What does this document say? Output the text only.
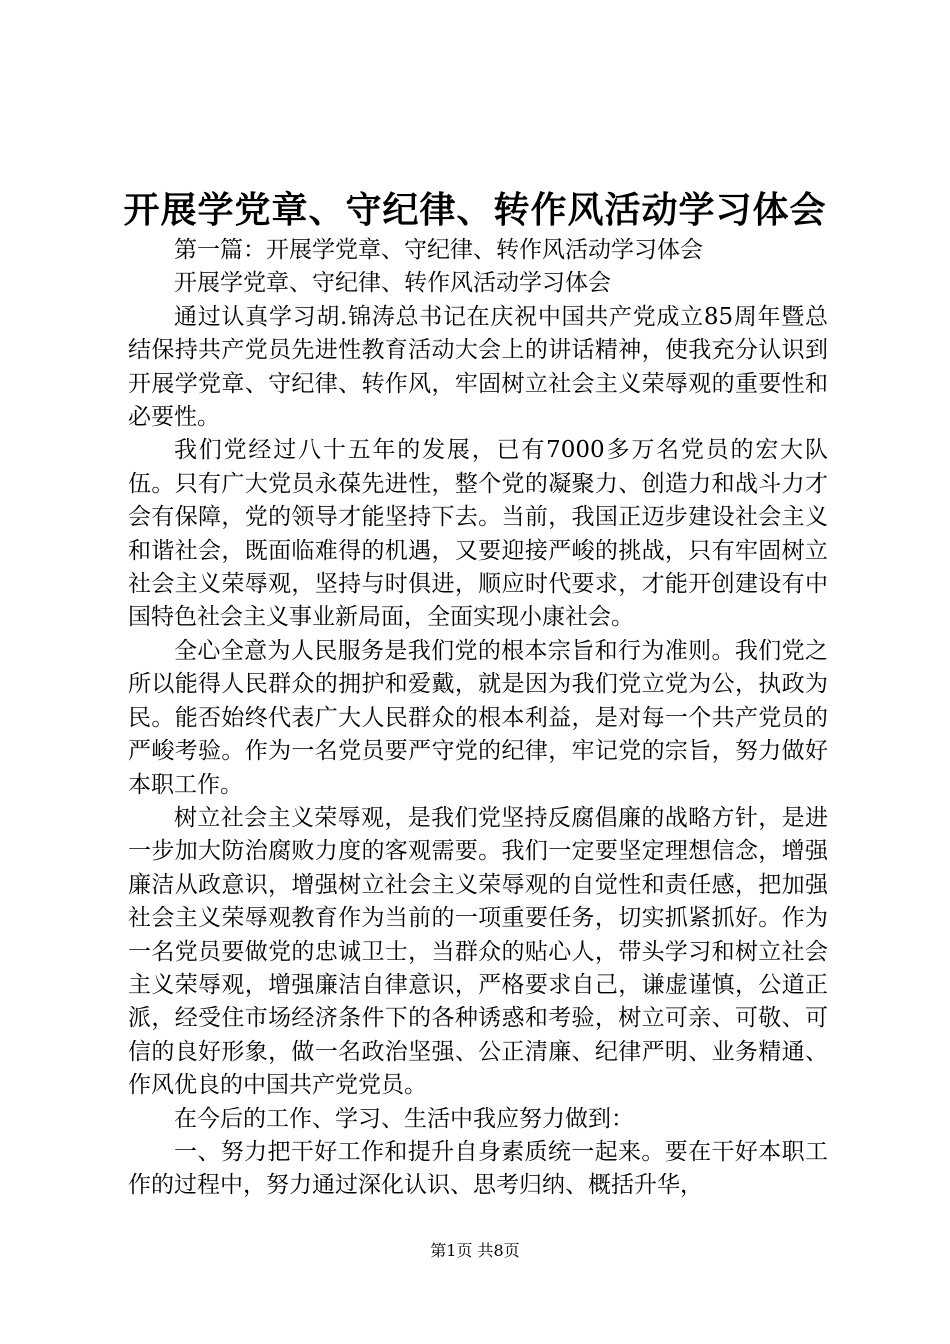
开展学党章、守纪律、转作风活动学习体会

第一篇：开展学党章、守纪律、转作风活动学习体会

开展学党章、守纪律、转作风活动学习体会

通过认真学习胡.锦涛总书记在庆祝中国共产党成立85周年暨总结保持共产党员先进性教育活动大会上的讲话精神，使我充分认识到开展学党章、守纪律、转作风，牢固树立社会主义荣辱观的重要性和必要性。

我们党经过八十五年的发展，已有7000多万名党员的宏大队伍。只有广大党员永葆先进性，整个党的凝聚力、创造力和战斗力才会有保障，党的领导才能坚持下去。当前，我国正迈步建设社会主义和谐社会，既面临难得的机遇，又要迎接严峻的挑战，只有牢固树立社会主义荣辱观，坚持与时俱进，顺应时代要求，才能开创建设有中国特色社会主义事业新局面，全面实现小康社会。

全心全意为人民服务是我们党的根本宗旨和行为准则。我们党之所以能得人民群众的拥护和爱戴，就是因为我们党立党为公，执政为民。能否始终代表广大人民群众的根本利益，是对每一个共产党员的严峻考验。作为一名党员要严守党的纪律，牢记党的宗旨，努力做好本职工作。

树立社会主义荣辱观，是我们党坚持反腐倡廉的战略方针，是进一步加大防治腐败力度的客观需要。我们一定要坚定理想信念，增强廉洁从政意识，增强树立社会主义荣辱观的自觉性和责任感，把加强社会主义荣辱观教育作为当前的一项重要任务，切实抓紧抓好。作为一名党员要做党的忠诚卫士，当群众的贴心人，带头学习和树立社会主义荣辱观，增强廉洁自律意识，严格要求自己，谦虚谨慎，公道正派，经受住市场经济条件下的各种诱惑和考验，树立可亲、可敬、可信的良好形象，做一名政治坚强、公正清廉、纪律严明、业务精通、作风优良的中国共产党党员。

在今后的工作、学习、生活中我应努力做到：

一、努力把干好工作和提升自身素质统一起来。要在干好本职工作的过程中，努力通过深化认识、思考归纳、概括升华，

第1页 共8页
